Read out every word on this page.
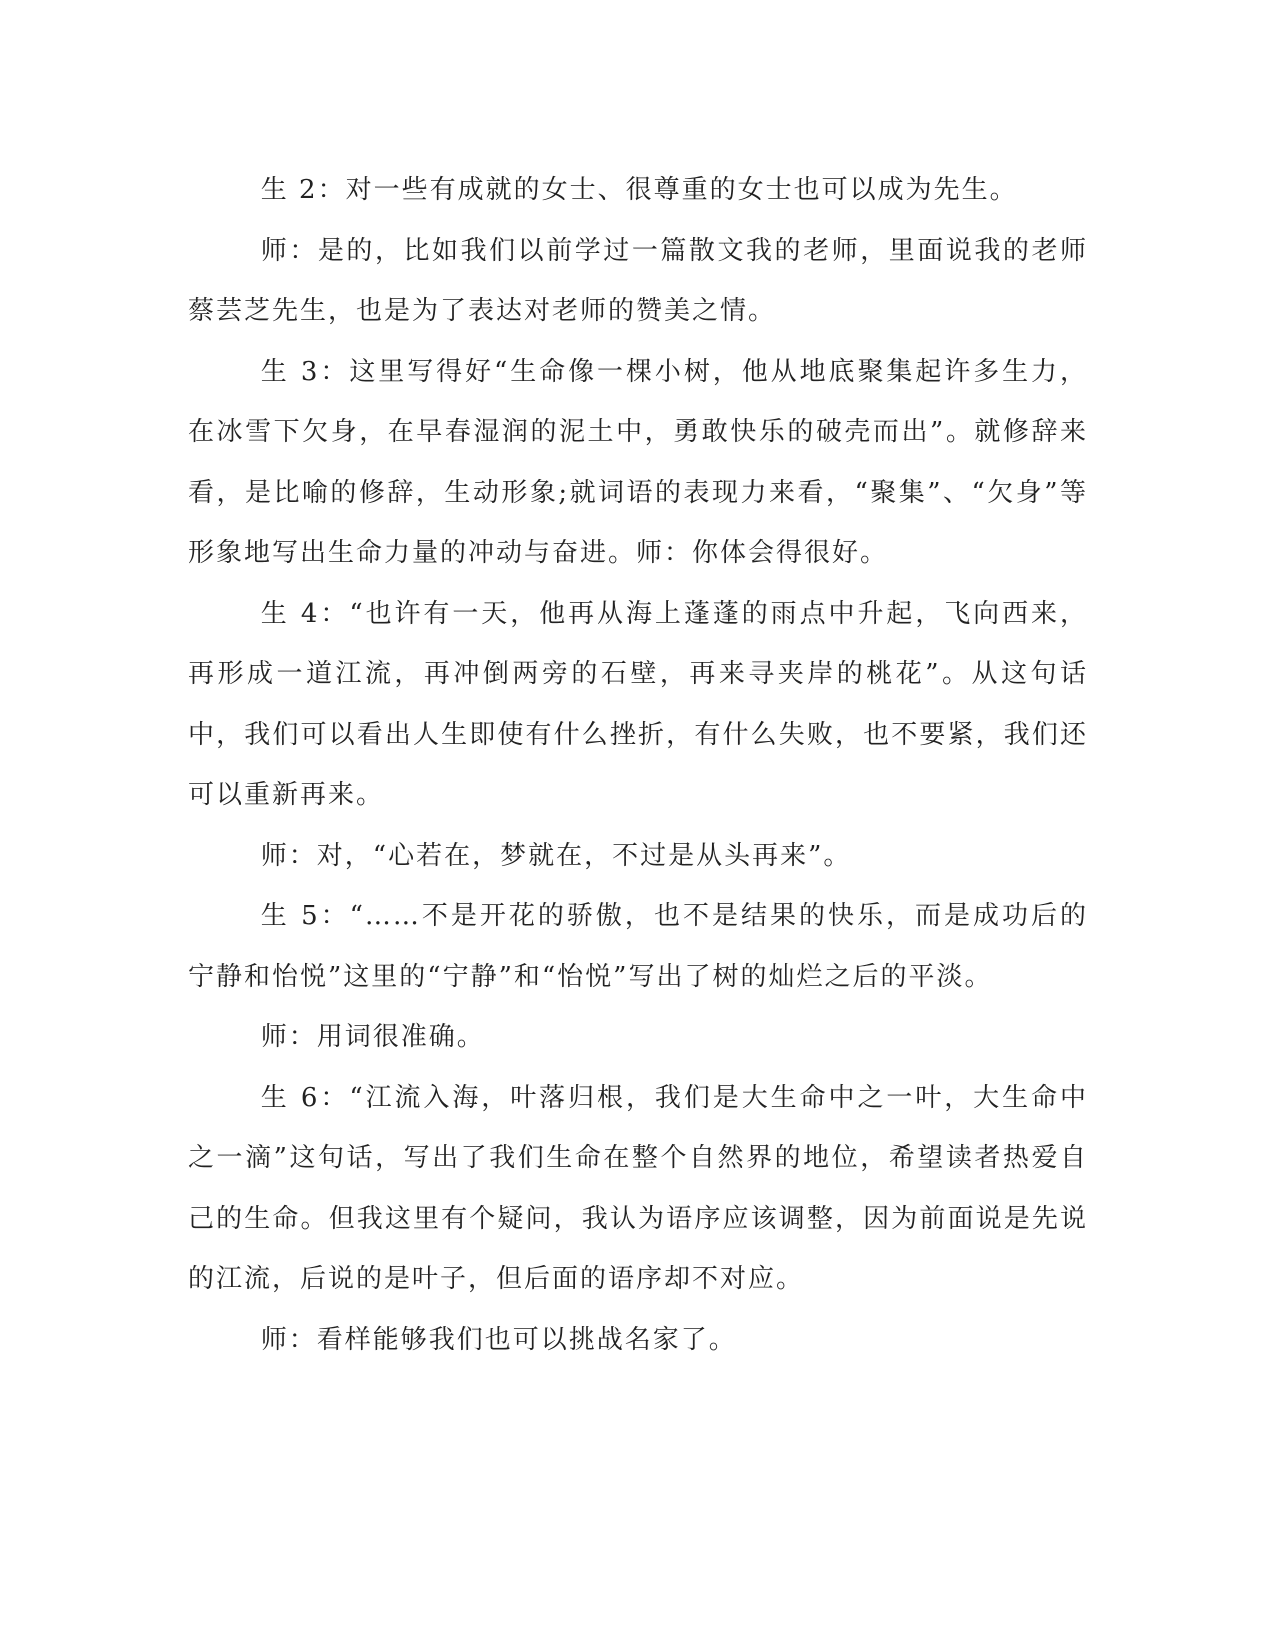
生 2：对一些有成就的女士、很尊重的女士也可以成为先生。

师：是的，比如我们以前学过一篇散文我的老师，里面说我的老师蔡芸芝先生，也是为了表达对老师的赞美之情。

生 3：这里写得好“生命像一棵小树，他从地底聚集起许多生力，在冰雪下欠身，在早春湿润的泥土中，勇敢快乐的破壳而出”。就修辞来看，是比喻的修辞，生动形象;就词语的表现力来看，“聚集”、“欠身”等形象地写出生命力量的冲动与奋进。师：你体会得很好。

生 4：“也许有一天，他再从海上蓬蓬的雨点中升起，飞向西来，再形成一道江流，再冲倒两旁的石壁，再来寻夹岸的桃花”。从这句话中，我们可以看出人生即使有什么挫折，有什么失败，也不要紧，我们还可以重新再来。

师：对，“心若在，梦就在，不过是从头再来”。

生 5：“……不是开花的骄傲，也不是结果的快乐，而是成功后的宁静和怡悦”这里的“宁静”和“怡悦”写出了树的灿烂之后的平淡。

师：用词很准确。

生 6：“江流入海，叶落归根，我们是大生命中之一叶，大生命中之一滴”这句话，写出了我们生命在整个自然界的地位，希望读者热爱自己的生命。但我这里有个疑问，我认为语序应该调整，因为前面说是先说的江流，后说的是叶子，但后面的语序却不对应。

师：看样能够我们也可以挑战名家了。
